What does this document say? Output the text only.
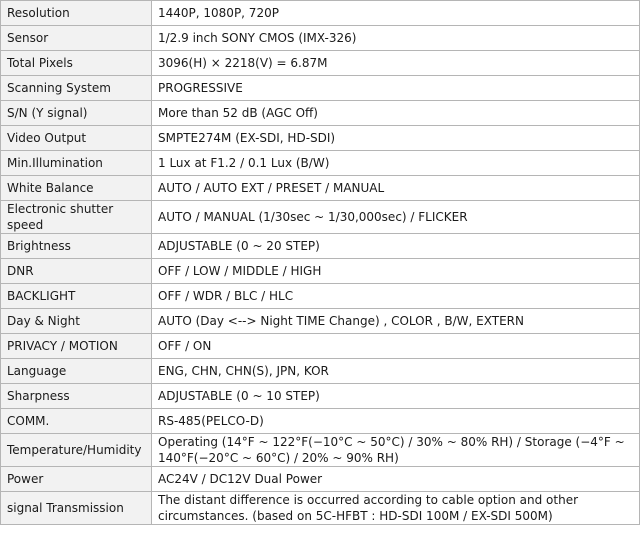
Resolution	1440P, 1080P, 720P
Sensor	1/2.9 inch SONY CMOS (IMX-326)
Total Pixels	3096(H) × 2218(V) = 6.87M
Scanning System	PROGRESSIVE
S/N (Y signal)	More than 52 dB (AGC Off)
Video Output	SMPTE274M (EX-SDI, HD-SDI)
Min.Illumination	1 Lux at F1.2 / 0.1 Lux (B/W)
White Balance	AUTO / AUTO EXT / PRESET / MANUAL
Electronic shutter speed	AUTO / MANUAL (1/30sec ~ 1/30,000sec) / FLICKER
Brightness	ADJUSTABLE (0 ~ 20 STEP)
DNR	OFF / LOW / MIDDLE / HIGH
BACKLIGHT	OFF / WDR / BLC / HLC
Day & Night	AUTO (Day <--> Night TIME Change) , COLOR , B/W, EXTERN
PRIVACY / MOTION	OFF / ON
Language	ENG, CHN, CHN(S), JPN, KOR
Sharpness	ADJUSTABLE (0 ~ 10 STEP)
COMM.	RS-485(PELCO-D)
Temperature/Humidity	Operating (14°F ~ 122°F(−10°C ~ 50°C) / 30% ~ 80% RH) / Storage (−4°F ~ 140°F(−20°C ~ 60°C) / 20% ~ 90% RH)
Power	AC24V / DC12V Dual Power
signal Transmission	The distant difference is occurred according to cable option and other circumstances. (based on 5C-HFBT : HD-SDI 100M / EX-SDI 500M)
